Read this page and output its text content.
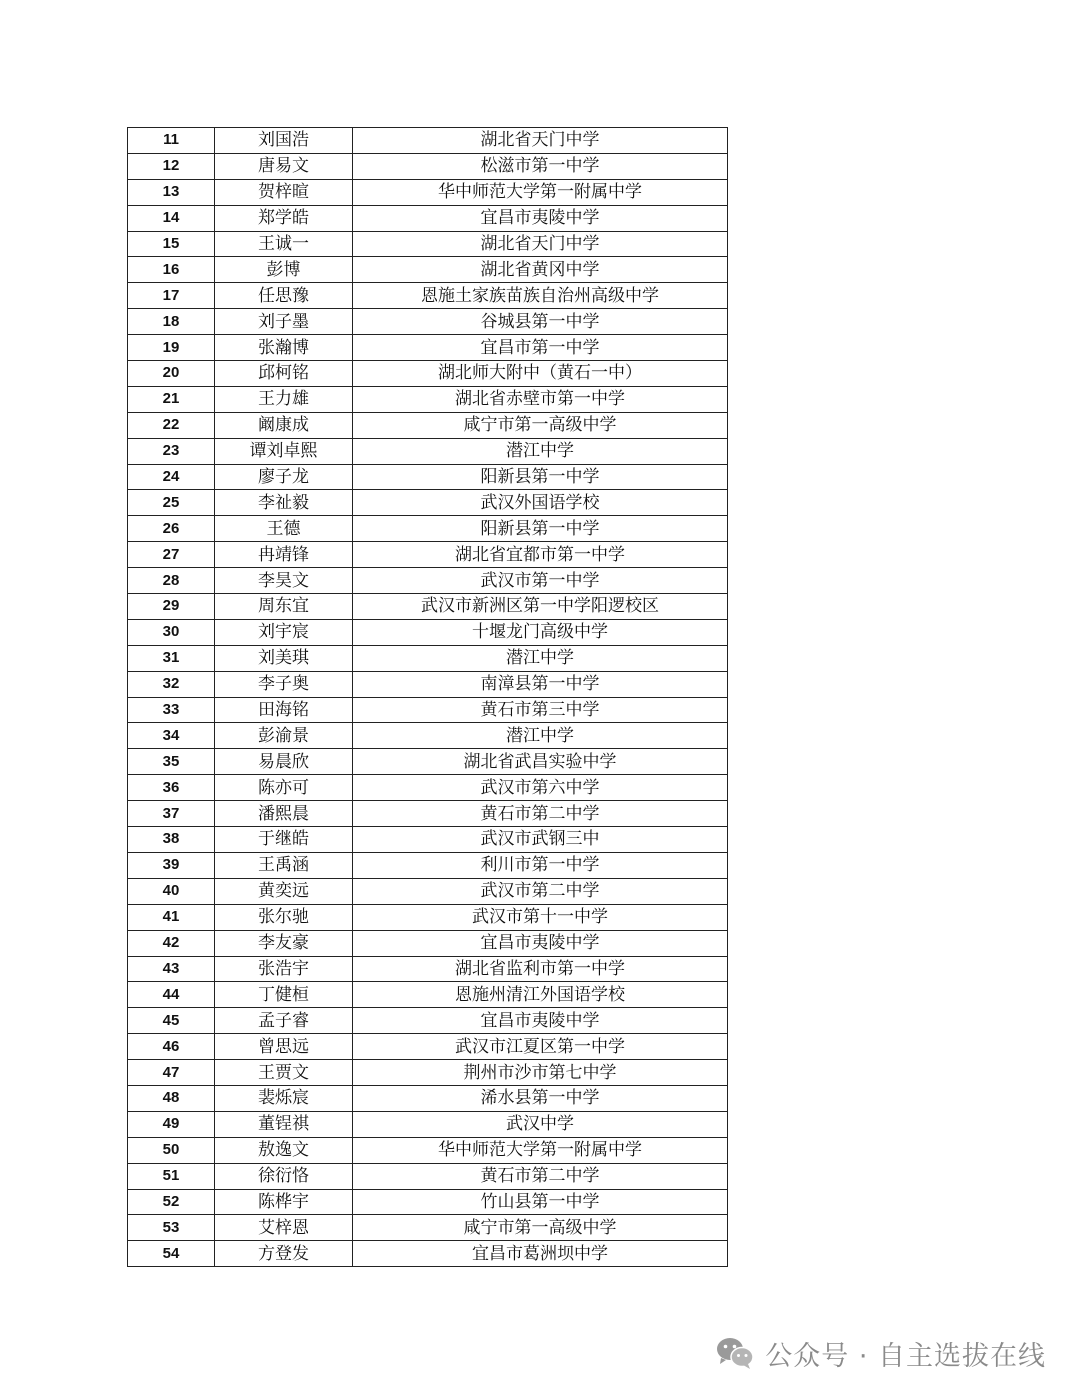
11	刘国浩	湖北省天门中学
12	唐易文	松滋市第一中学
13	贺梓暄	华中师范大学第一附属中学
14	郑学皓	宜昌市夷陵中学
15	王诚一	湖北省天门中学
16	彭博	湖北省黄冈中学
17	任思豫	恩施土家族苗族自治州高级中学
18	刘子墨	谷城县第一中学
19	张瀚博	宜昌市第一中学
20	邱柯铭	湖北师大附中（黄石一中）
21	王力雄	湖北省赤壁市第一中学
22	阚康成	咸宁市第一高级中学
23	谭刘卓熙	潜江中学
24	廖子龙	阳新县第一中学
25	李祉毅	武汉外国语学校
26	王德	阳新县第一中学
27	冉靖锋	湖北省宜都市第一中学
28	李昊文	武汉市第一中学
29	周东宜	武汉市新洲区第一中学阳逻校区
30	刘宇宸	十堰龙门高级中学
31	刘美琪	潜江中学
32	李子奥	南漳县第一中学
33	田海铭	黄石市第三中学
34	彭渝景	潜江中学
35	易晨欣	湖北省武昌实验中学
36	陈亦可	武汉市第六中学
37	潘熙晨	黄石市第二中学
38	于继皓	武汉市武钢三中
39	王禹涵	利川市第一中学
40	黄奕远	武汉市第二中学
41	张尔驰	武汉市第十一中学
42	李友豪	宜昌市夷陵中学
43	张浩宇	湖北省监利市第一中学
44	丁健桓	恩施州清江外国语学校
45	孟子睿	宜昌市夷陵中学
46	曾思远	武汉市江夏区第一中学
47	王贾文	荆州市沙市第七中学
48	裴烁宸	浠水县第一中学
49	董锃祺	武汉中学
50	敖逸文	华中师范大学第一附属中学
51	徐衍恪	黄石市第二中学
52	陈桦宇	竹山县第一中学
53	艾梓恩	咸宁市第一高级中学
54	方登发	宜昌市葛洲坝中学
公众号 · 自主选拔在线
